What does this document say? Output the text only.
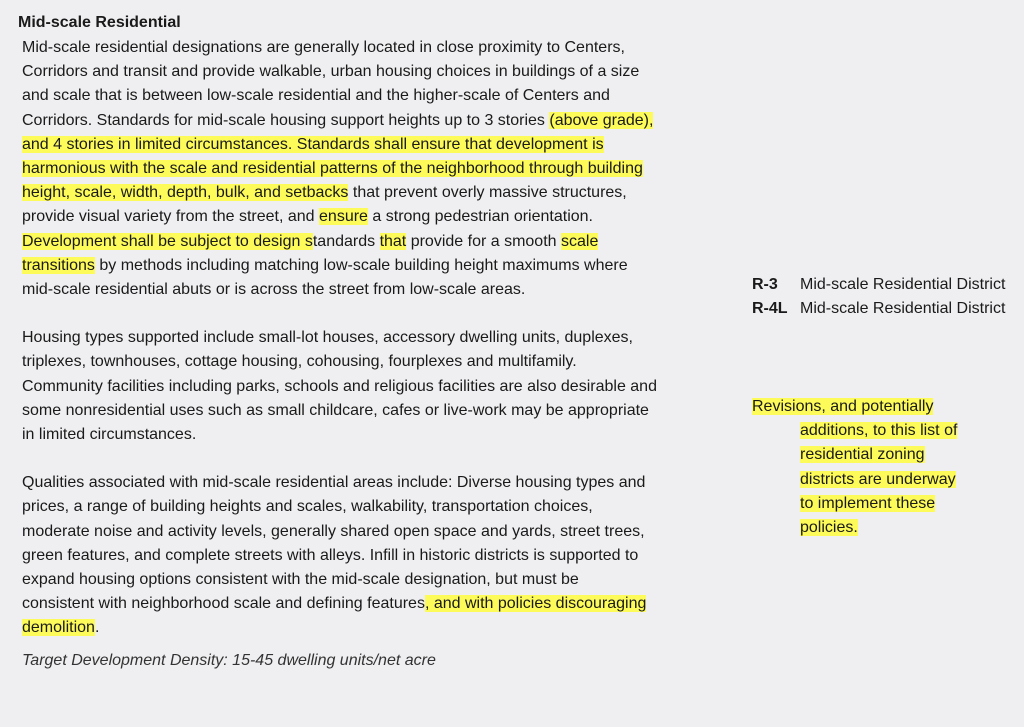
Mid-scale Residential
Mid-scale residential designations are generally located in close proximity to Centers,
Corridors and transit and provide walkable, urban housing choices in buildings of a size
and scale that is between low-scale residential and the higher-scale of Centers and
Corridors. Standards for mid-scale housing support heights up to 3 stories (above grade),
and 4 stories in limited circumstances. Standards shall ensure that development is
harmonious with the scale and residential patterns of the neighborhood through building
height, scale, width, depth, bulk, and setbacks that prevent overly massive structures,
provide visual variety from the street, and ensure a strong pedestrian orientation.
Development shall be subject to design standards that provide for a smooth scale
transitions by methods including matching low-scale building height maximums where
mid-scale residential abuts or is across the street from low-scale areas.
Housing types supported include small-lot houses, accessory dwelling units, duplexes,
triplexes, townhouses, cottage housing, cohousing, fourplexes and multifamily.
Community facilities including parks, schools and religious facilities are also desirable and
some nonresidential uses such as small childcare, cafes or live-work may be appropriate
in limited circumstances.
Qualities associated with mid-scale residential areas include: Diverse housing types and
prices, a range of building heights and scales, walkability, transportation choices,
moderate noise and activity levels, generally shared open space and yards, street trees,
green features, and complete streets with alleys. Infill in historic districts is supported to
expand housing options consistent with the mid-scale designation, but must be
consistent with neighborhood scale and defining features, and with policies discouraging
demolition.
Target Development Density: 15-45 dwelling units/net acre
R-3	Mid-scale Residential District
R-4L Mid-scale Residential District
Revisions, and potentially
additions, to this list of
residential zoning
districts are underway
to implement these
policies.
